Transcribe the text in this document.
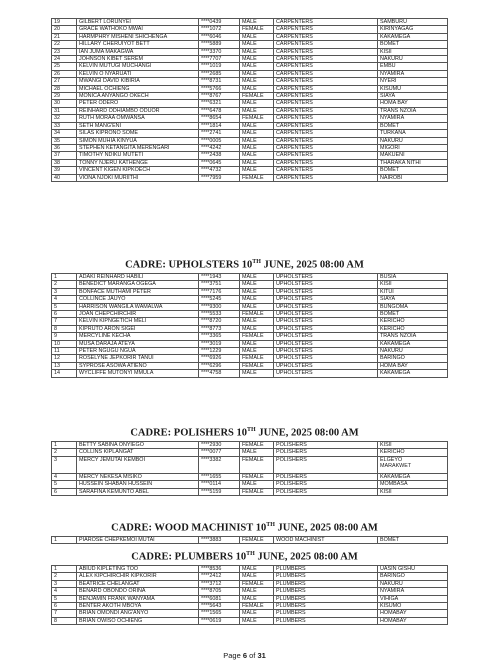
19	GILBERT LORUNYEI	****0439	MALE	CARPENTERS	SAMBURU
20	GRACE WATHOKO MWAI	****1072	FEMALE	CARPENTERS	KIRINYAGAG
21	HARMPHRY MISHENI SHICHENGA	****6046	MALE	CARPENTERS	KAKAMEGA
22	HILLARY CHERUIYOT BETT	****5889	MALE	CARPENTERS	BOMET
23	IAN JUMA MAKAGWA	****3370	MALE	CARPENTERS	KISII
24	JOHNSON KIBET SEREM	****7707	MALE	CARPENTERS	NAKURU
25	KELVIN MUTUGI MUCHANGI	****1019	MALE	CARPENTERS	EMBU
26	KELVIN O NYARUATI	****2685	MALE	CARPENTERS	NYAMIRA
27	MWANGI DAVID KIBIRIA	****8731	MALE	CARPENTERS	NYERI
28	MICHAEL OCHIENG	****5766	MALE	CARPENTERS	KISUMU
29	MONICA ANYANGO OKECH	****8767	FEMALE	CARPENTERS	SIAYA
30	PETER ODERO	****6321	MALE	CARPENTERS	HOMA BAY
31	REINHARD ODHIAMBO ODUOR	****6478	MALE	CARPENTERS	TRANS NZOIA
32	RUTH MORAA OMWANSA	****8654	FEMALE	CARPENTERS	NYAMIRA
33	SETH MANG'ENI	****1814	MALE	CARPENTERS	BOMET
34	SILAS KIPRONO SOME	****2741	MALE	CARPENTERS	TURKANA
35	SIMON MUHIA KINYUA	****0005	MALE	CARPENTERS	NAKURU
36	STEPHEN KETANGITA MERENGARI	****4242	MALE	CARPENTERS	MIGORI
37	TIMOTHY NDIKU MUTETI	****2438	MALE	CARPENTERS	MAKUENI
38	TONNY NJERU KATHENGE	****0645	MALE	CARPENTERS	THARAKA NITHI
39	VINCENT KIGEN KIPKOECH	****4732	MALE	CARPENTERS	BOMET
40	VIONA NJOKI MURIITHI	****7959	FEMALE	CARPENTERS	NAIROBI
CADRE: UPHOLSTERS 10TH JUNE, 2025 08:00 AM
1	ADAKI REINHARD HABILI	****1943	MALE	UPHOLSTERS	BUSIA
2	BENEDICT MARANGA OGEGA	****3751	MALE	UPHOLSTERS	KISII
3	BONFACE MUTHAMI PETER	****7176	MALE	UPHOLSTERS	KITUI
4	COLLINCE JAUYO	****5245	MALE	UPHOLSTERS	SIAYA
5	HARRISON WANGILA WAMALWA	****9300	MALE	UPHOLSTERS	BUNGOMA
6	JOAN CHEPCHIRCHIR	****5533	FEMALE	UPHOLSTERS	BOMET
7	KELVIN KIPNGETICH MELI	****8720	MALE	UPHOLSTERS	KERICHO
8	KIPRUTO ARON SIGEI	****8773	MALE	UPHOLSTERS	KERICHO
9	MERCYLINE KECHA	****3365	FEMALE	UPHOLSTERS	TRANS NZOIA
10	MUSA DARAJA ATEYA	****3019	MALE	UPHOLSTERS	KAKAMEGA
11	PETER NGUGU NGUA	****1229	MALE	UPHOLSTERS	NAKURU
12	ROSELYNE JEPKORIR TANUI	****6926	FEMALE	UPHOLSTERS	BARINGO
13	SYPROSE ASOWA ATIENO	****6296	FEMALE	UPHOLSTERS	HOMA BAY
14	WYCLIFFE MUTONYI MMULA	****4758	MALE	UPHOLSTERS	KAKAMEGA
CADRE: POLISHERS 10TH JUNE, 2025 08:00 AM
1	BETTY SABINA ONYIEGO	****2930	FEMALE	POLISHERS	KISII
2	COLLINS KIPLANGAT	****0077	MALE	POLISHERS	KERICHO
3	MERCY JEMUTAI KEMBOI	****3382	FEMALE	POLISHERS	ELGEYO
MARAKWET
4	MERCY NEKESA MISIKO	****1655	FEMALE	POLISHERS	KAKAMEGA
5	HUSSEIN SHABAN HUSSEIN	****0114	MALE	POLISHERS	MOMBASA
6	SARAFINA KEMUNTO ABEL	****5159	FEMALE	POLISHERS	KISII
CADRE: WOOD MACHINIST 10TH JUNE, 2025 08:00 AM
1	PIAROSE CHEPKEMOI MUTAI	****3883	FEMALE	WOOD MACHINIST	BOMET
CADRE: PLUMBERS 10TH JUNE, 2025 08:00 AM
1	ABIUD KIPLETING TOO	****8536	MALE	PLUMBERS	UASIN GISHU
2	ALEX KIPCHIRCHIR KIPKORIR	****2412	MALE	PLUMBERS	BARINGO
3	BEATRICE CHELANGAT	****3712	FEMALE	PLUMBERS	NAKURU
4	BENARD OBONDO ORINA	****8705	MALE	PLUMBERS	NYAMIRA
5	BENJAMIN FRANK WANYAMA	****6081	MALE	PLUMBERS	VIHIGA
6	BENTER AKOTH MBOYA	****5643	FEMALE	PLUMBERS	KISUMO
7	BRIAN OMONDI ANG'ANYO	****1565	MALE	PLUMBERS	HOMABAY
8	BRIAN OWISO OCHIENG	****0619	MALE	PLUMBERS	HOMABAY
Page 6 of 31
